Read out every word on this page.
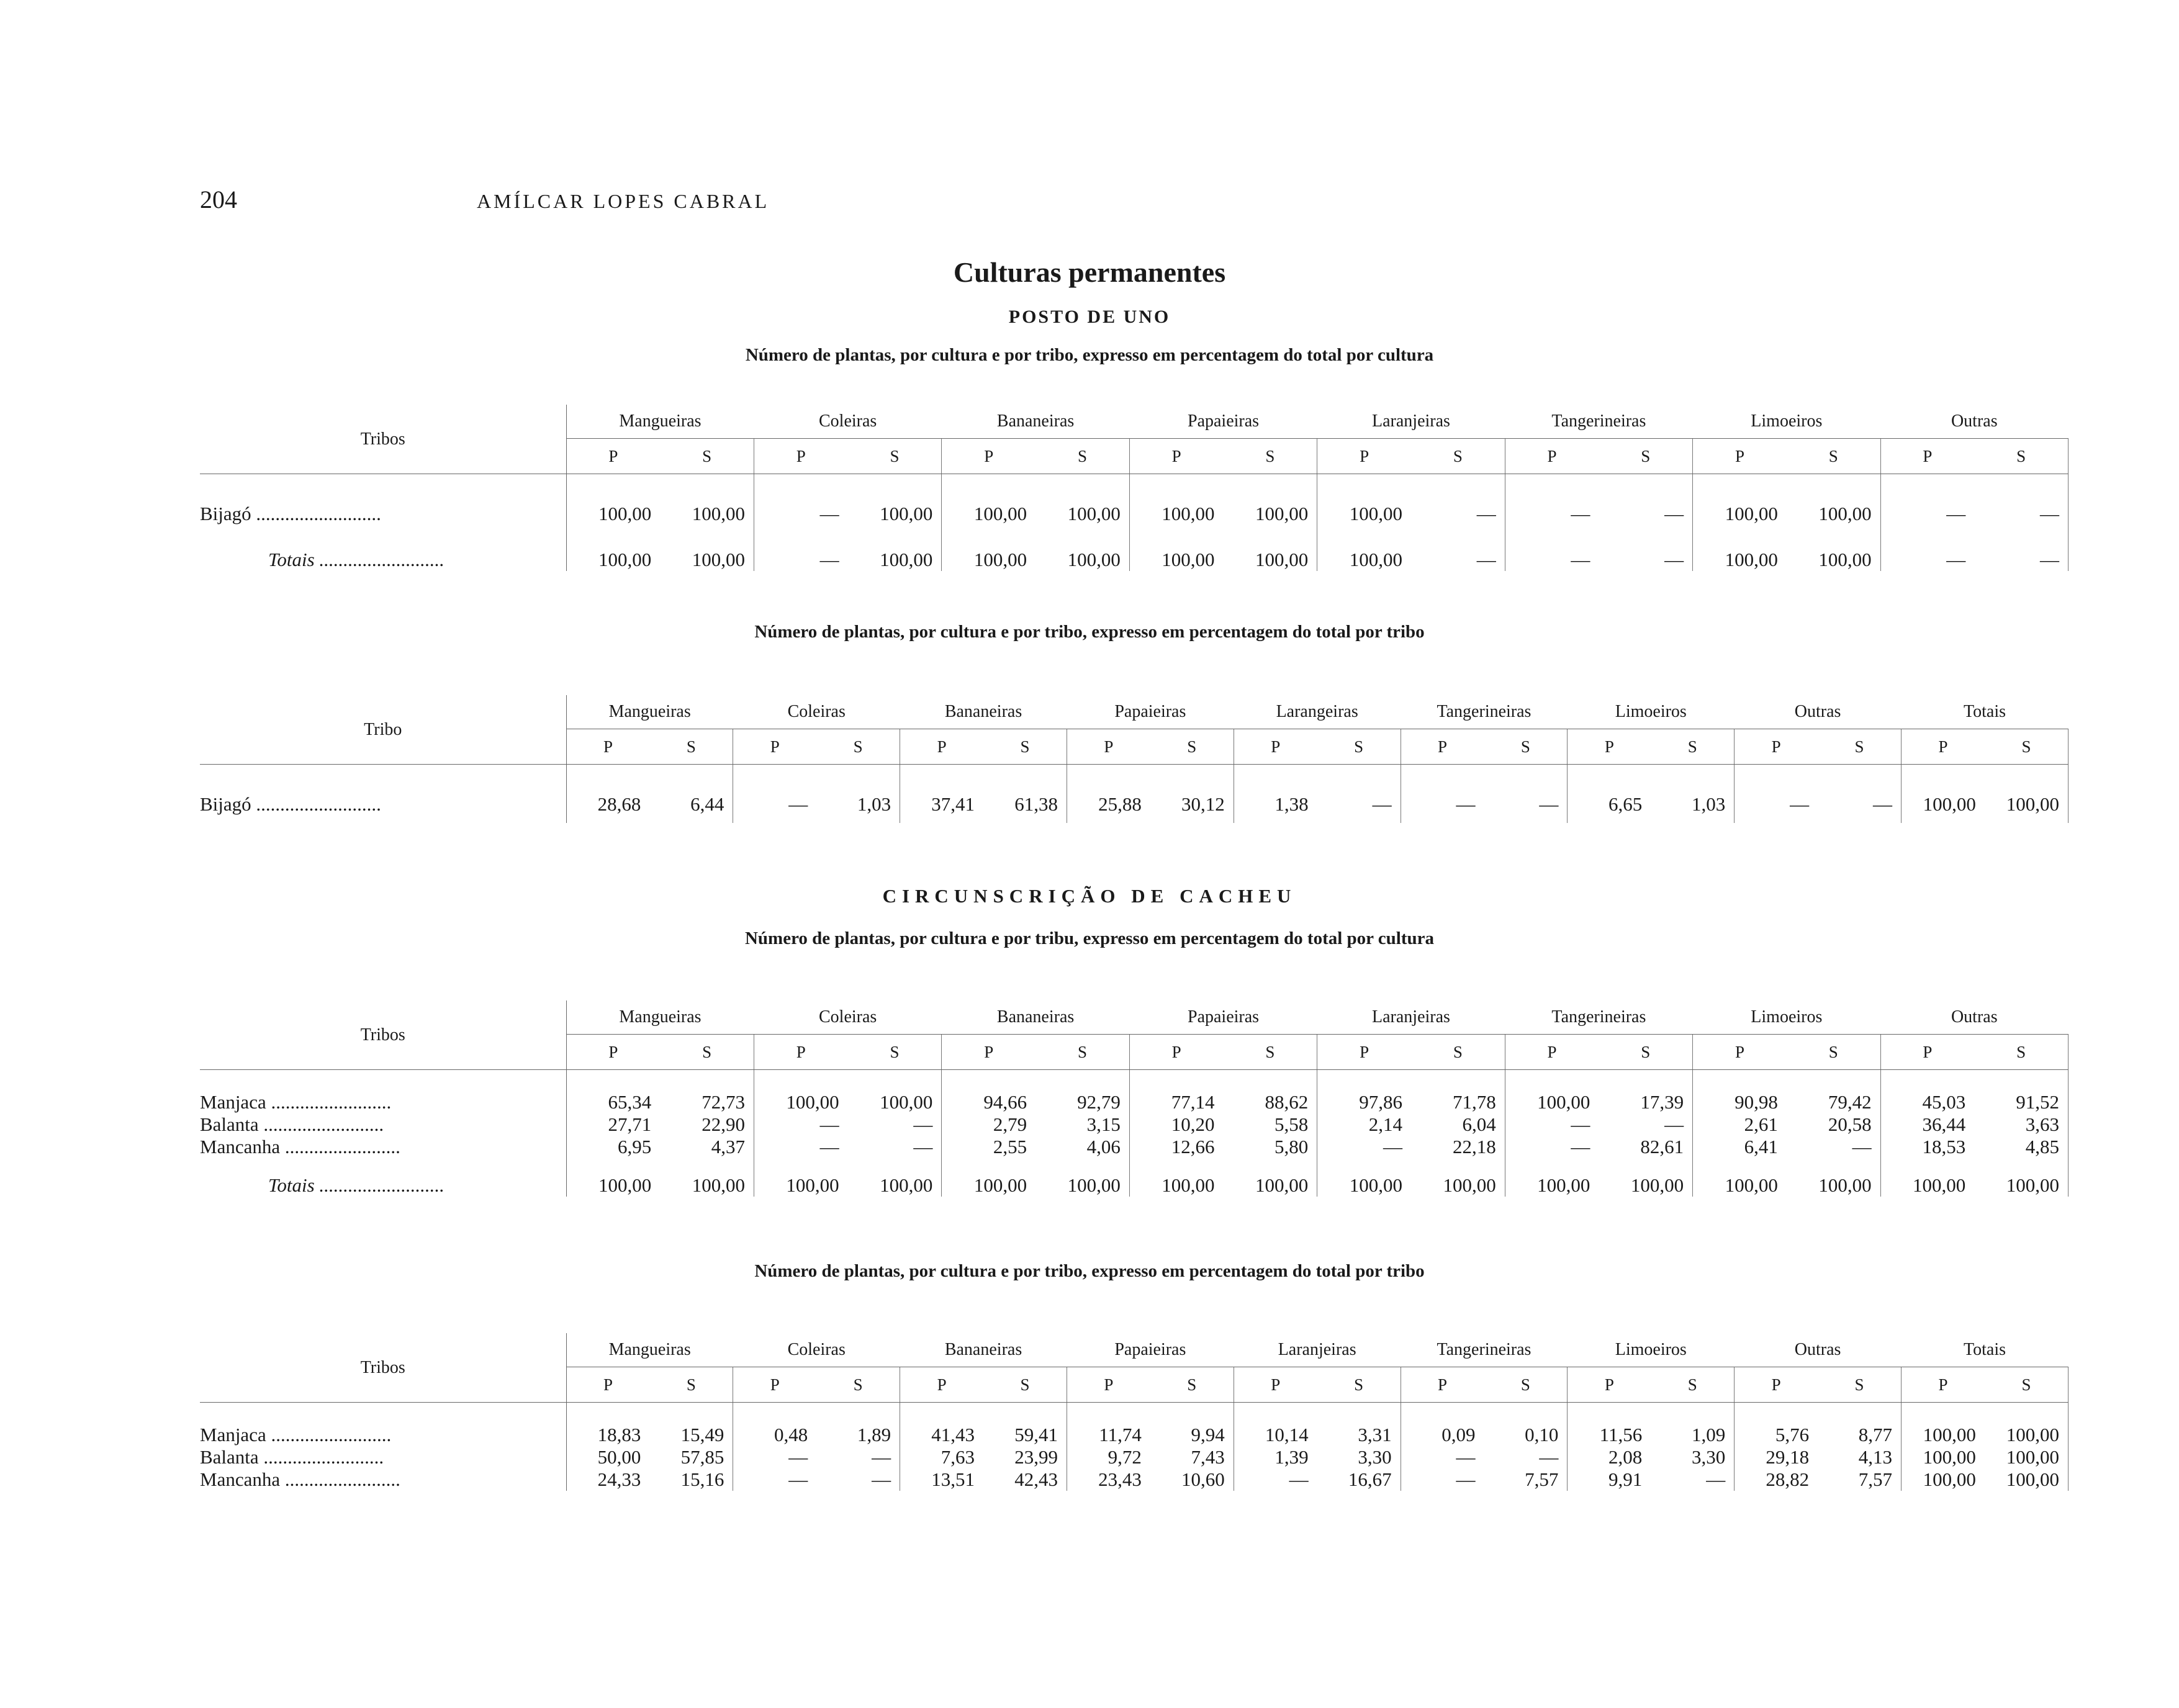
204	AMÍLCAR LOPES CABRAL
Culturas permanentes
POSTO DE UNO
Número de plantas, por cultura e por tribo, expresso em percentagem do total por cultura
Tribos	Mangueiras		Coleiras		Bananeiras		Papaieiras		Laranjeiras		Tangerineiras		Limoeiros		Outras	
	P	S	P	S	P	S	P	S	P	S	P	S	P	S	P	S

Bijagó ..........................	100,00	100,00	—	100,00	100,00	100,00	100,00	100,00	100,00	—	—	—	100,00	100,00	—	—
Totais ..........................	100,00	100,00	—	100,00	100,00	100,00	100,00	100,00	100,00	—	—	—	100,00	100,00	—	—
Número de plantas, por cultura e por tribo, expresso em percentagem do total por tribo
Tribo	Mangueiras		Coleiras		Bananeiras		Papaieiras		Larangeiras		Tangerineiras		Limoeiros		Outras		Totais	
	P	S	P	S	P	S	P	S	P	S	P	S	P	S	P	S	P	S

Bijagó ..........................	28,68	6,44	—	1,03	37,41	61,38	25,88	30,12	1,38	—	—	—	6,65	1,03	—	—	100,00	100,00
CIRCUNSCRIÇÃO DE CACHEU
Número de plantas, por cultura e por tribu, expresso em percentagem do total por cultura
Tribos	Mangueiras		Coleiras		Bananeiras		Papaieiras		Laranjeiras		Tangerineiras		Limoeiros		Outras	
	P	S	P	S	P	S	P	S	P	S	P	S	P	S	P	S

Manjaca .........................	65,34	72,73	100,00	100,00	94,66	92,79	77,14	88,62	97,86	71,78	100,00	17,39	90,98	79,42	45,03	91,52
Balanta .........................	27,71	22,90	—	—	2,79	3,15	10,20	5,58	2,14	6,04	—	—	2,61	20,58	36,44	3,63
Mancanha ........................	6,95	4,37	—	—	2,55	4,06	12,66	5,80	—	22,18	—	82,61	6,41	—	18,53	4,85
Totais ..........................	100,00	100,00	100,00	100,00	100,00	100,00	100,00	100,00	100,00	100,00	100,00	100,00	100,00	100,00	100,00	100,00
Número de plantas, por cultura e por tribo, expresso em percentagem do total por tribo
Tribos	Mangueiras		Coleiras		Bananeiras		Papaieiras		Laranjeiras		Tangerineiras		Limoeiros		Outras		Totais	
	P	S	P	S	P	S	P	S	P	S	P	S	P	S	P	S	P	S

Manjaca .........................	18,83	15,49	0,48	1,89	41,43	59,41	11,74	9,94	10,14	3,31	0,09	0,10	11,56	1,09	5,76	8,77	100,00	100,00
Balanta .........................	50,00	57,85	—	—	7,63	23,99	9,72	7,43	1,39	3,30	—	—	2,08	3,30	29,18	4,13	100,00	100,00
Mancanha ........................	24,33	15,16	—	—	13,51	42,43	23,43	10,60	—	16,67	—	7,57	9,91	—	28,82	7,57	100,00	100,00
